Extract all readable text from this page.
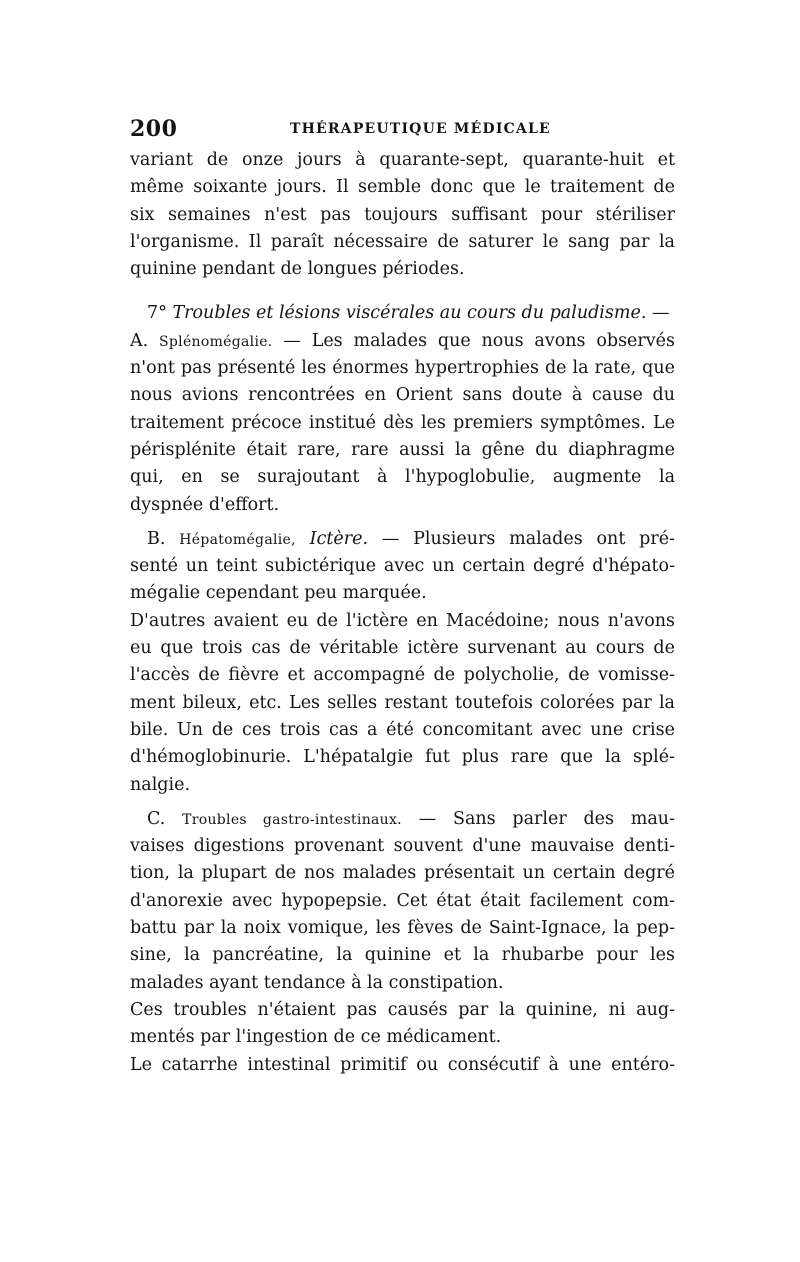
200	THÉRAPEUTIQUE MÉDICALE
variant de onze jours à quarante-sept, quarante-huit et
même soixante jours. Il semble donc que le traitement de
six semaines n'est pas toujours suffisant pour stériliser
l'organisme. Il paraît nécessaire de saturer le sang par la
quinine pendant de longues périodes.
7° Troubles et lésions viscérales au cours du paludisme. —
A. Splénomégalie. — Les malades que nous avons observés
n'ont pas présenté les énormes hypertrophies de la rate, que
nous avions rencontrées en Orient sans doute à cause du
traitement précoce institué dès les premiers symptômes. Le
périsplénite était rare, rare aussi la gêne du diaphragme
qui, en se surajoutant à l'hypoglobulie, augmente la
dyspnée d'effort.
B. Hépatomégalie, Ictère. — Plusieurs malades ont pré-
senté un teint subictérique avec un certain degré d'hépato-
mégalie cependant peu marquée.
D'autres avaient eu de l'ictère en Macédoine; nous n'avons
eu que trois cas de véritable ictère survenant au cours de
l'accès de fièvre et accompagné de polycholie, de vomisse-
ment bileux, etc. Les selles restant toutefois colorées par la
bile. Un de ces trois cas a été concomitant avec une crise
d'hémoglobinurie. L'hépatalgie fut plus rare que la splé-
nalgie.
C. Troubles gastro-intestinaux. — Sans parler des mau-
vaises digestions provenant souvent d'une mauvaise denti-
tion, la plupart de nos malades présentait un certain degré
d'anorexie avec hypopepsie. Cet état était facilement com-
battu par la noix vomique, les fèves de Saint-Ignace, la pep-
sine, la pancréatine, la quinine et la rhubarbe pour les
malades ayant tendance à la constipation.
Ces troubles n'étaient pas causés par la quinine, ni aug-
mentés par l'ingestion de ce médicament.
Le catarrhe intestinal primitif ou consécutif à une entéro-
